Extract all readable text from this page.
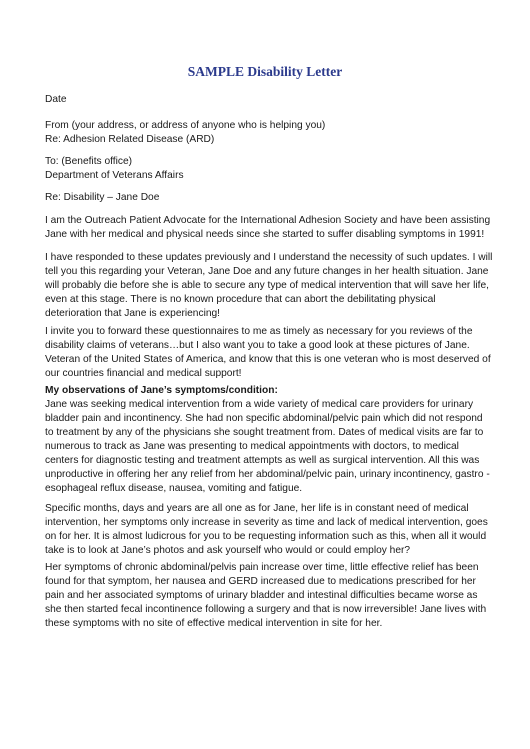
SAMPLE Disability Letter
Date
From (your address, or address of anyone who is helping you)
Re: Adhesion Related Disease (ARD)
To: (Benefits office)
Department of Veterans Affairs
Re: Disability – Jane Doe
I am the Outreach Patient Advocate for the International Adhesion Society and have been assisting
Jane with her medical and physical needs since she started to suffer disabling symptoms in 1991!
I have responded to these updates previously and I understand the necessity of such updates. I will
tell you this regarding your Veteran, Jane Doe and any future changes in her health situation. Jane
will probably die before she is able to secure any type of medical intervention that will save her life,
even at this stage. There is no known procedure that can abort the debilitating physical
deterioration that Jane is experiencing!
I invite you to forward these questionnaires to me as timely as necessary for you reviews of the
disability claims of veterans…but I also want you to take a good look at these pictures of Jane.
Veteran of the United States of America, and know that this is one veteran who is most deserved of
our countries financial and medical support!
My observations of Jane’s symptoms/condition:
Jane was seeking medical intervention from a wide variety of medical care providers for urinary
bladder pain and incontinency. She had non specific abdominal/pelvic pain which did not respond
to treatment by any of the physicians she sought treatment from. Dates of medical visits are far to
numerous to track as Jane was presenting to medical appointments with doctors, to medical
centers for diagnostic testing and treatment attempts as well as surgical intervention. All this was
unproductive in offering her any relief from her abdominal/pelvic pain, urinary incontinency, gastro -
esophageal reflux disease, nausea, vomiting and fatigue.
Specific months, days and years are all one as for Jane, her life is in constant need of medical
intervention, her symptoms only increase in severity as time and lack of medical intervention, goes
on for her. It is almost ludicrous for you to be requesting information such as this, when all it would
take is to look at Jane’s photos and ask yourself who would or could employ her?
Her symptoms of chronic abdominal/pelvis pain increase over time, little effective relief has been
found for that symptom, her nausea and GERD increased due to medications prescribed for her
pain and her associated symptoms of urinary bladder and intestinal difficulties became worse as
she then started fecal incontinence following a surgery and that is now irreversible! Jane lives with
these symptoms with no site of effective medical intervention in site for her.
